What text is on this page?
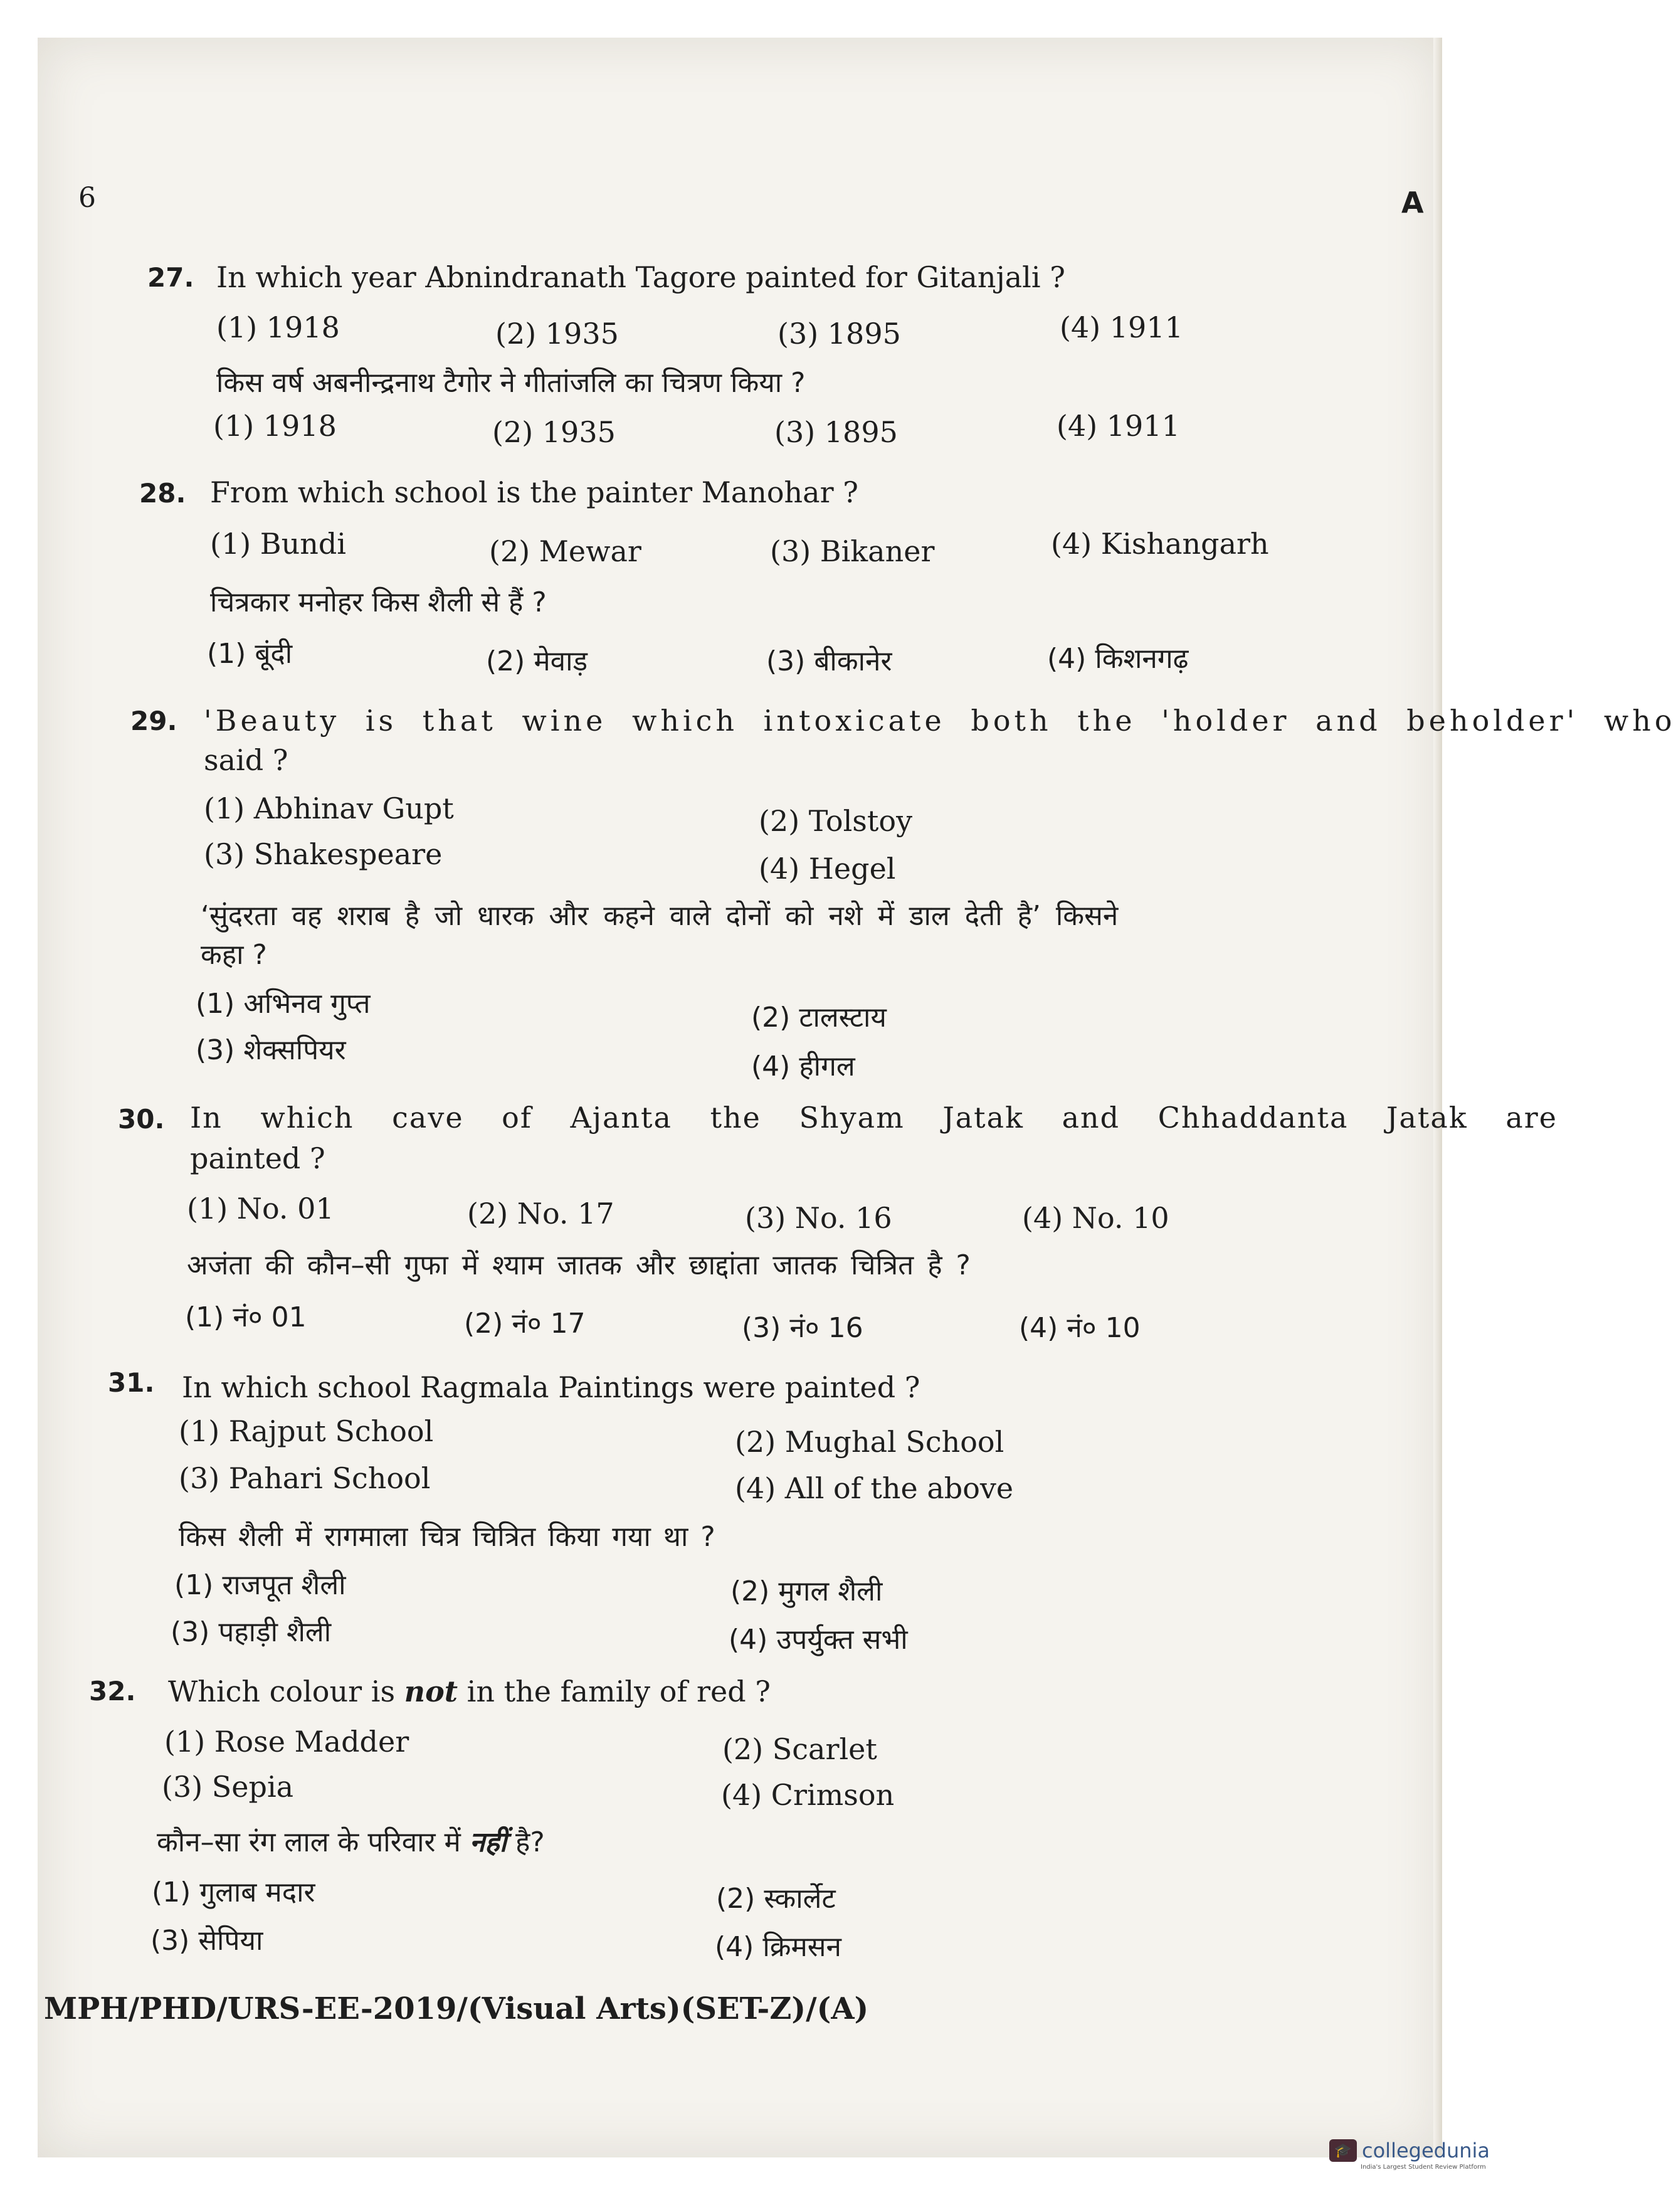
6	A
27. In which year Abnindranath Tagore painted for Gitanjali ?
(1) 1918	(2) 1935	(3) 1895	(4) 1911
किस वर्ष अबनीन्द्रनाथ टैगोर ने गीतांजलि का चित्रण किया ?
(1) 1918	(2) 1935	(3) 1895	(4) 1911
28. From which school is the painter Manohar ?
(1) Bundi	(2) Mewar	(3) Bikaner	(4) Kishangarh
चित्रकार मनोहर किस शैली से हैं ?
(1) बूंदी	(2) मेवाड़	(3) बीकानेर	(4) किशनगढ़
29. 'Beauty is that wine which intoxicate both the 'holder and beholder' who
said ?
(1) Abhinav Gupt	(2) Tolstoy
(3) Shakespeare	(4) Hegel
‘सुंदरता वह शराब है जो धारक और कहने वाले दोनों को नशे में डाल देती है’ किसने
कहा ?
(1) अभिनव गुप्त	(2) टालस्टाय
(3) शेक्सपियर
(4) हीगल
30. In which cave of Ajanta the Shyam Jatak and Chhaddanta Jatak are
painted ?
(1) No. 01	(2) No. 17	(3) No. 16	(4) No. 10
अजंता की कौन–सी गुफा में श्याम जातक और छाद्दांता जातक चित्रित है ?
(1) नं० 01	(2) नं० 17	(3) नं० 16	(4) नं० 10
31. In which school Ragmala Paintings were painted ?
(1) Rajput School	(2) Mughal School
(3) Pahari School	(4) All of the above
किस शैली में रागमाला चित्र चित्रित किया गया था ?
(1) राजपूत शैली	(2) मुगल शैली
(3) पहाड़ी शैली	(4) उपर्युक्त सभी
32. Which colour is not in the family of red ?
(1) Rose Madder	(2) Scarlet
(3) Sepia	(4) Crimson
कौन–सा रंग लाल के परिवार में नहीं है?
(1) गुलाब मदार	(2) स्कार्लेट
(3) सेपिया	(4) क्रिमसन
MPH/PHD/URS-EE-2019/(Visual Arts)(SET-Z)/(A)
🎓 collegedunia
India's Largest Student Review Platform
